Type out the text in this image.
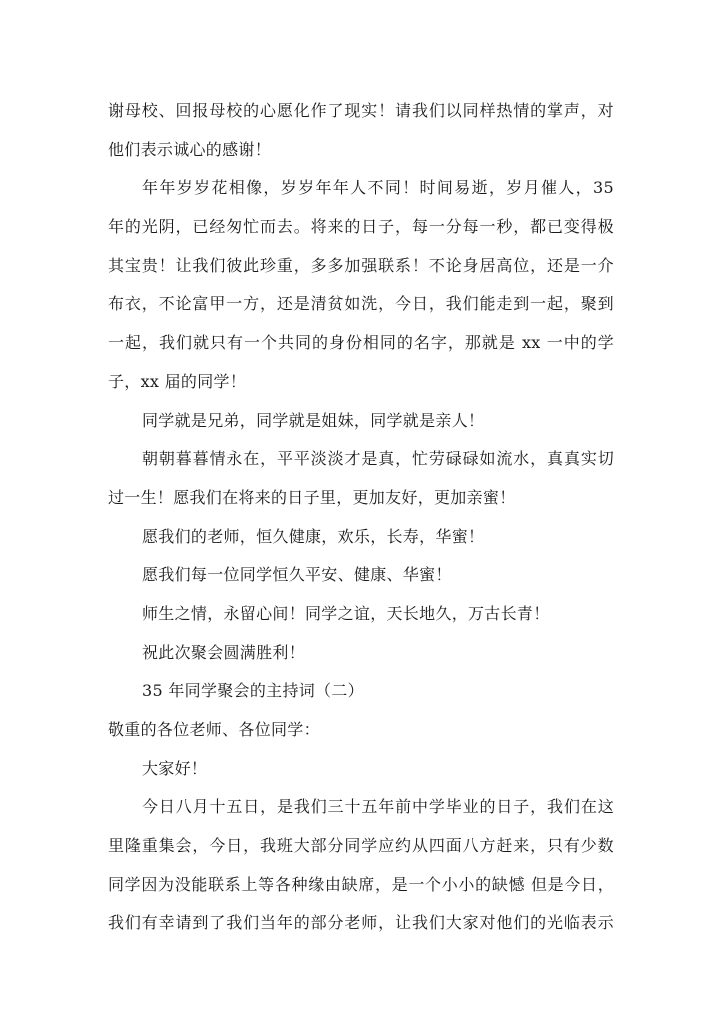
谢母校、回报母校的心愿化作了现实！请我们以同样热情的掌声，对
他们表示诚心的感谢！
年年岁岁花相像，岁岁年年人不同！时间易逝，岁月催人，35
年的光阴，已经匆忙而去。将来的日子，每一分每一秒，都已变得极
其宝贵！让我们彼此珍重，多多加强联系！不论身居高位，还是一介
布衣，不论富甲一方，还是清贫如洗，今日，我们能走到一起，聚到
一起，我们就只有一个共同的身份相同的名字，那就是 xx 一中的学
子，xx 届的同学！
同学就是兄弟，同学就是姐妹，同学就是亲人！
朝朝暮暮情永在，平平淡淡才是真，忙劳碌碌如流水，真真实切
过一生！愿我们在将来的日子里，更加友好，更加亲蜜！
愿我们的老师，恒久健康，欢乐，长寿，华蜜！
愿我们每一位同学恒久平安、健康、华蜜！
师生之情，永留心间！同学之谊，天长地久，万古长青！
祝此次聚会圆满胜利！
35 年同学聚会的主持词（二）
敬重的各位老师、各位同学：
大家好！
今日八月十五日，是我们三十五年前中学毕业的日子，我们在这
里隆重集会，今日，我班大部分同学应约从四面八方赶来，只有少数
同学因为没能联系上等各种缘由缺席，是一个小小的缺憾 但是今日，
我们有幸请到了我们当年的部分老师，让我们大家对他们的光临表示
